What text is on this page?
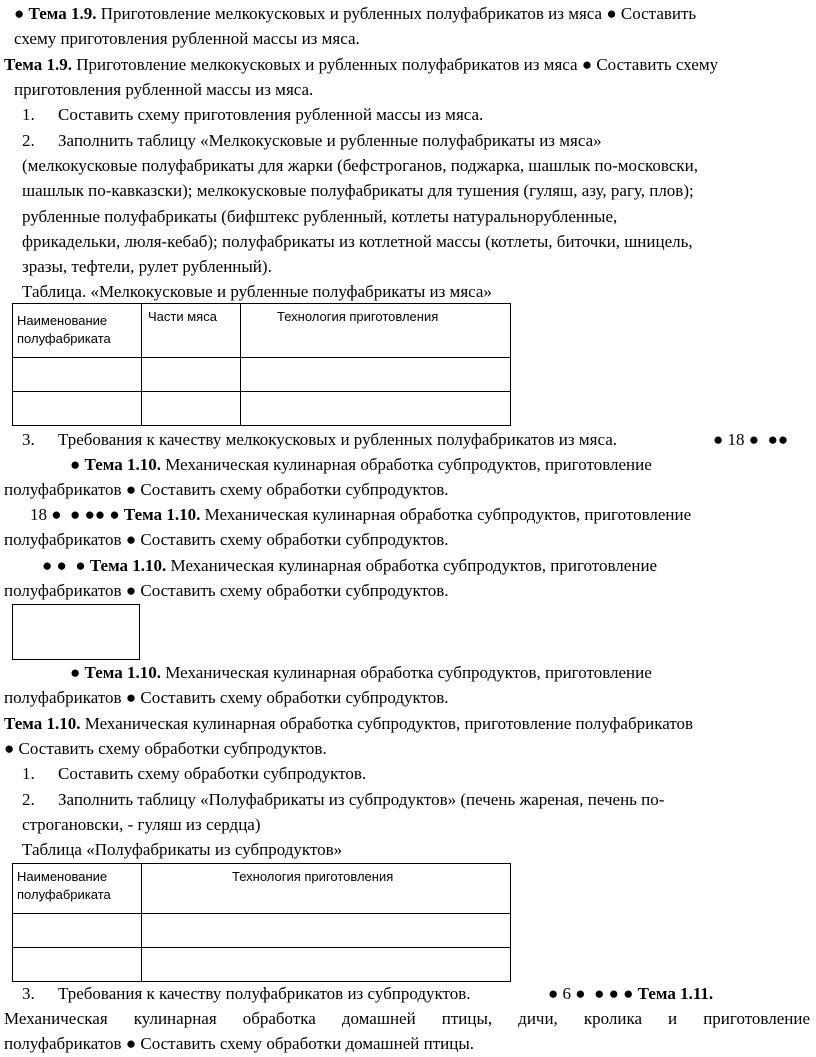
● Тема 1.9. Приготовление мелкокусковых и рубленных полуфабрикатов из мяса ● Составить
схему приготовления рубленной массы из мяса.
Тема 1.9. Приготовление мелкокусковых и рубленных полуфабрикатов из мяса ● Составить схему
приготовления рубленной массы из мяса.
1. Составить схему приготовления рубленной массы из мяса.
2. Заполнить таблицу «Мелкокусковые и рубленные полуфабрикаты из мяса»
(мелкокусковые полуфабрикаты для жарки (бефстроганов, поджарка, шашлык по-московски,
шашлык по-кавказски); мелкокусковые полуфабрикаты для тушения (гуляш, азу, рагу, плов);
рубленные полуфабрикаты (бифштекс рубленный, котлеты натуральнорубленные,
фрикадельки, люля-кебаб); полуфабрикаты из котлетной массы (котлеты, биточки, шницель,
зразы, тефтели, рулет рубленный).
Таблица. «Мелкокусковые и рубленные полуфабрикаты из мяса»
Наименование
полуфабриката	Части мяса	Технология приготовления

3. Требования к качеству мелкокусковых и рубленных полуфабрикатов из мяса.	● 18 ● ●●
● Тема 1.10. Механическая кулинарная обработка субпродуктов, приготовление
полуфабрикатов ● Составить схему обработки субпродуктов.
18 ● ● ●● ● Тема 1.10. Механическая кулинарная обработка субпродуктов, приготовление
полуфабрикатов ● Составить схему обработки субпродуктов.
● ● ● Тема 1.10. Механическая кулинарная обработка субпродуктов, приготовление
полуфабрикатов ● Составить схему обработки субпродуктов.
● Тема 1.10. Механическая кулинарная обработка субпродуктов, приготовление
полуфабрикатов ● Составить схему обработки субпродуктов.
Тема 1.10. Механическая кулинарная обработка субпродуктов, приготовление полуфабрикатов
● Составить схему обработки субпродуктов.
1. Составить схему обработки субпродуктов.
2. Заполнить таблицу «Полуфабрикаты из субпродуктов» (печень жареная, печень по-
строгановски, - гуляш из сердца)
Таблица «Полуфабрикаты из субпродуктов»
Наименование
полуфабриката	Технология приготовления

3. Требования к качеству полуфабрикатов из субпродуктов.	● 6 ● ● ● ● Тема 1.11.
Механическая кулинарная обработка домашней птицы, дичи, кролика и приготовление
полуфабрикатов ● Составить схему обработки домашней птицы.
